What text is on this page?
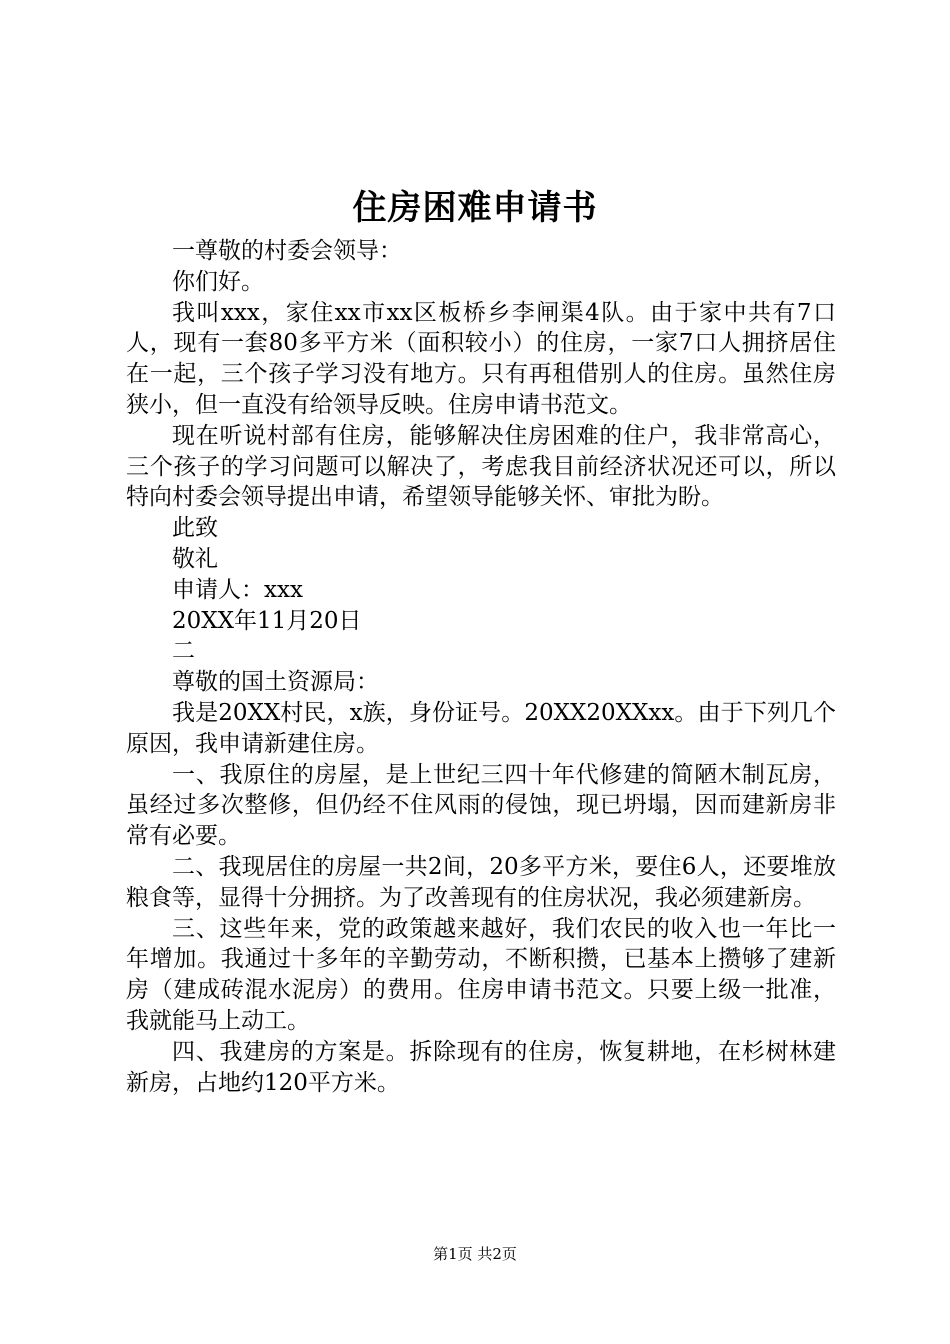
住房困难申请书

一尊敬的村委会领导：

你们好。

我叫xxx，家住xx市xx区板桥乡李闸渠4队。由于家中共有7口人，现有一套80多平方米（面积较小）的住房，一家7口人拥挤居住在一起，三个孩子学习没有地方。只有再租借别人的住房。虽然住房狭小，但一直没有给领导反映。住房申请书范文。

现在听说村部有住房，能够解决住房困难的住户，我非常高心，三个孩子的学习问题可以解决了，考虑我目前经济状况还可以，所以特向村委会领导提出申请，希望领导能够关怀、审批为盼。

此致

敬礼

申请人：xxx

20XX年11月20日

二

尊敬的国土资源局：

我是20XX村民，x族，身份证号。20XX20XXxx。由于下列几个原因，我申请新建住房。

一、我原住的房屋，是上世纪三四十年代修建的简陋木制瓦房，虽经过多次整修，但仍经不住风雨的侵蚀，现已坍塌，因而建新房非常有必要。

二、我现居住的房屋一共2间，20多平方米，要住6人，还要堆放粮食等，显得十分拥挤。为了改善现有的住房状况，我必须建新房。

三、这些年来，党的政策越来越好，我们农民的收入也一年比一年增加。我通过十多年的辛勤劳动，不断积攒，已基本上攒够了建新房（建成砖混水泥房）的费用。住房申请书范文。只要上级一批准，我就能马上动工。

四、我建房的方案是。拆除现有的住房，恢复耕地，在杉树林建新房，占地约120平方米。

第1页 共2页
